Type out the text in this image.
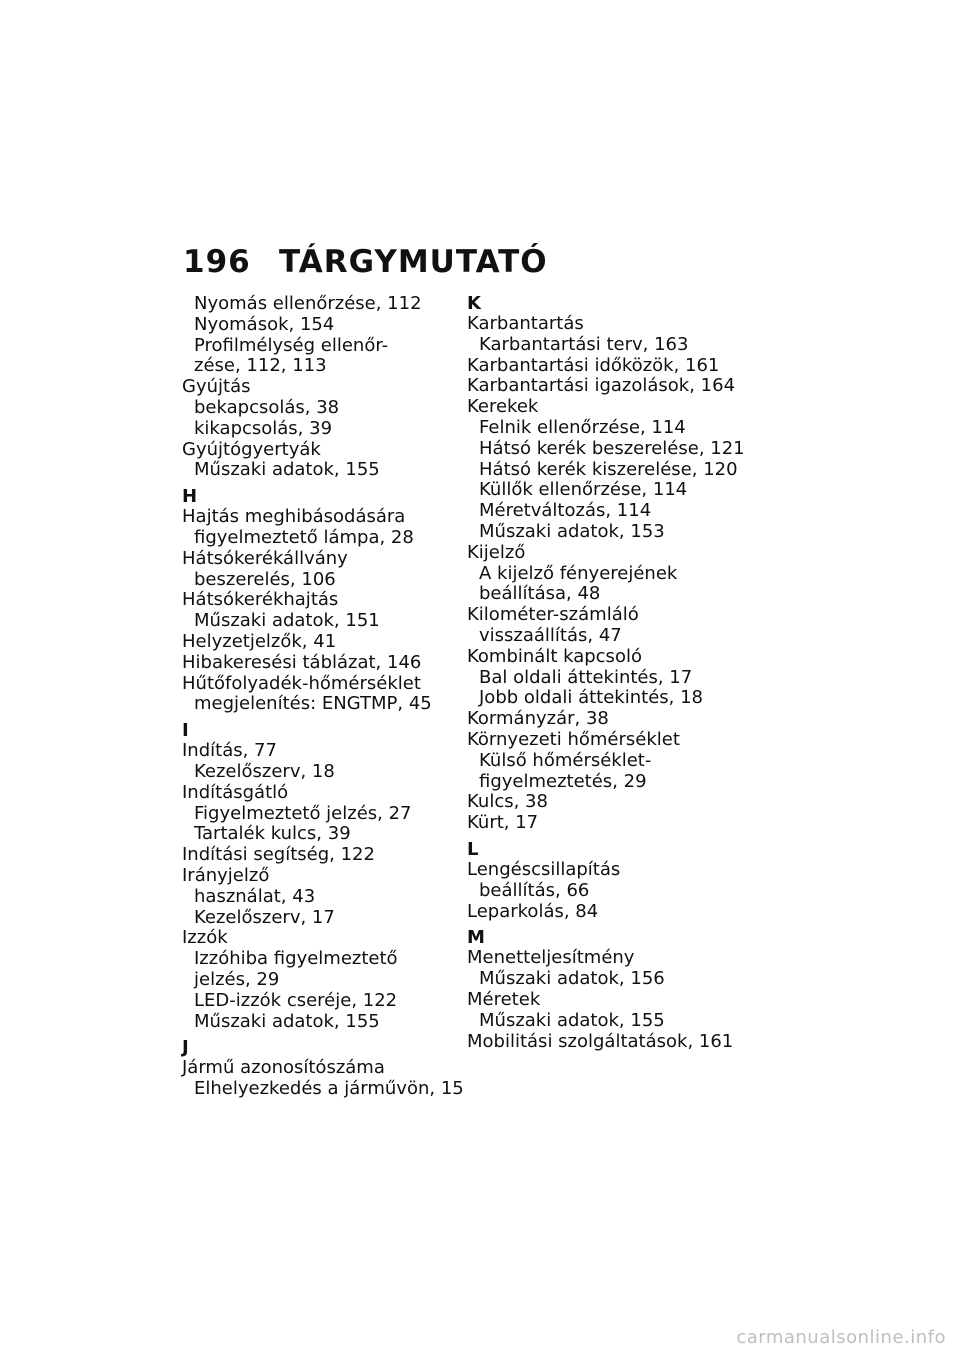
196 TÁRGYMUTATÓ
Nyomás ellenőrzése, 112
Nyomások, 154
Profilmélység ellenőr-
zése, 112, 113
Gyújtás
bekapcsolás, 38
kikapcsolás, 39
Gyújtógyertyák
Műszaki adatok, 155
H
Hajtás meghibásodására
figyelmeztető lámpa, 28
Hátsókerékállvány
beszerelés, 106
Hátsókerékhajtás
Műszaki adatok, 151
Helyzetjelzők, 41
Hibakeresési táblázat, 146
Hűtőfolyadék-hőmérséklet
megjelenítés: ENGTMP, 45
I
Indítás, 77
Kezelőszerv, 18
Indításgátló
Figyelmeztető jelzés, 27
Tartalék kulcs, 39
Indítási segítség, 122
Irányjelző
használat, 43
Kezelőszerv, 17
Izzók
Izzóhiba figyelmeztető
jelzés, 29
LED-izzók cseréje, 122
Műszaki adatok, 155
J
Jármű azonosítószáma
Elhelyezkedés a járművön, 15
K
Karbantartás
Karbantartási terv, 163
Karbantartási időközök, 161
Karbantartási igazolások, 164
Kerekek
Felnik ellenőrzése, 114
Hátsó kerék beszerelése, 121
Hátsó kerék kiszerelése, 120
Küllők ellenőrzése, 114
Méretváltozás, 114
Műszaki adatok, 153
Kijelző
A kijelző fényerejének
beállítása, 48
Kilométer-számláló
visszaállítás, 47
Kombinált kapcsoló
Bal oldali áttekintés, 17
Jobb oldali áttekintés, 18
Kormányzár, 38
Környezeti hőmérséklet
Külső hőmérséklet-
figyelmeztetés, 29
Kulcs, 38
Kürt, 17
L
Lengéscsillapítás
beállítás, 66
Leparkolás, 84
M
Menetteljesítmény
Műszaki adatok, 156
Méretek
Műszaki adatok, 155
Mobilitási szolgáltatások, 161
carmanualsonline.info
